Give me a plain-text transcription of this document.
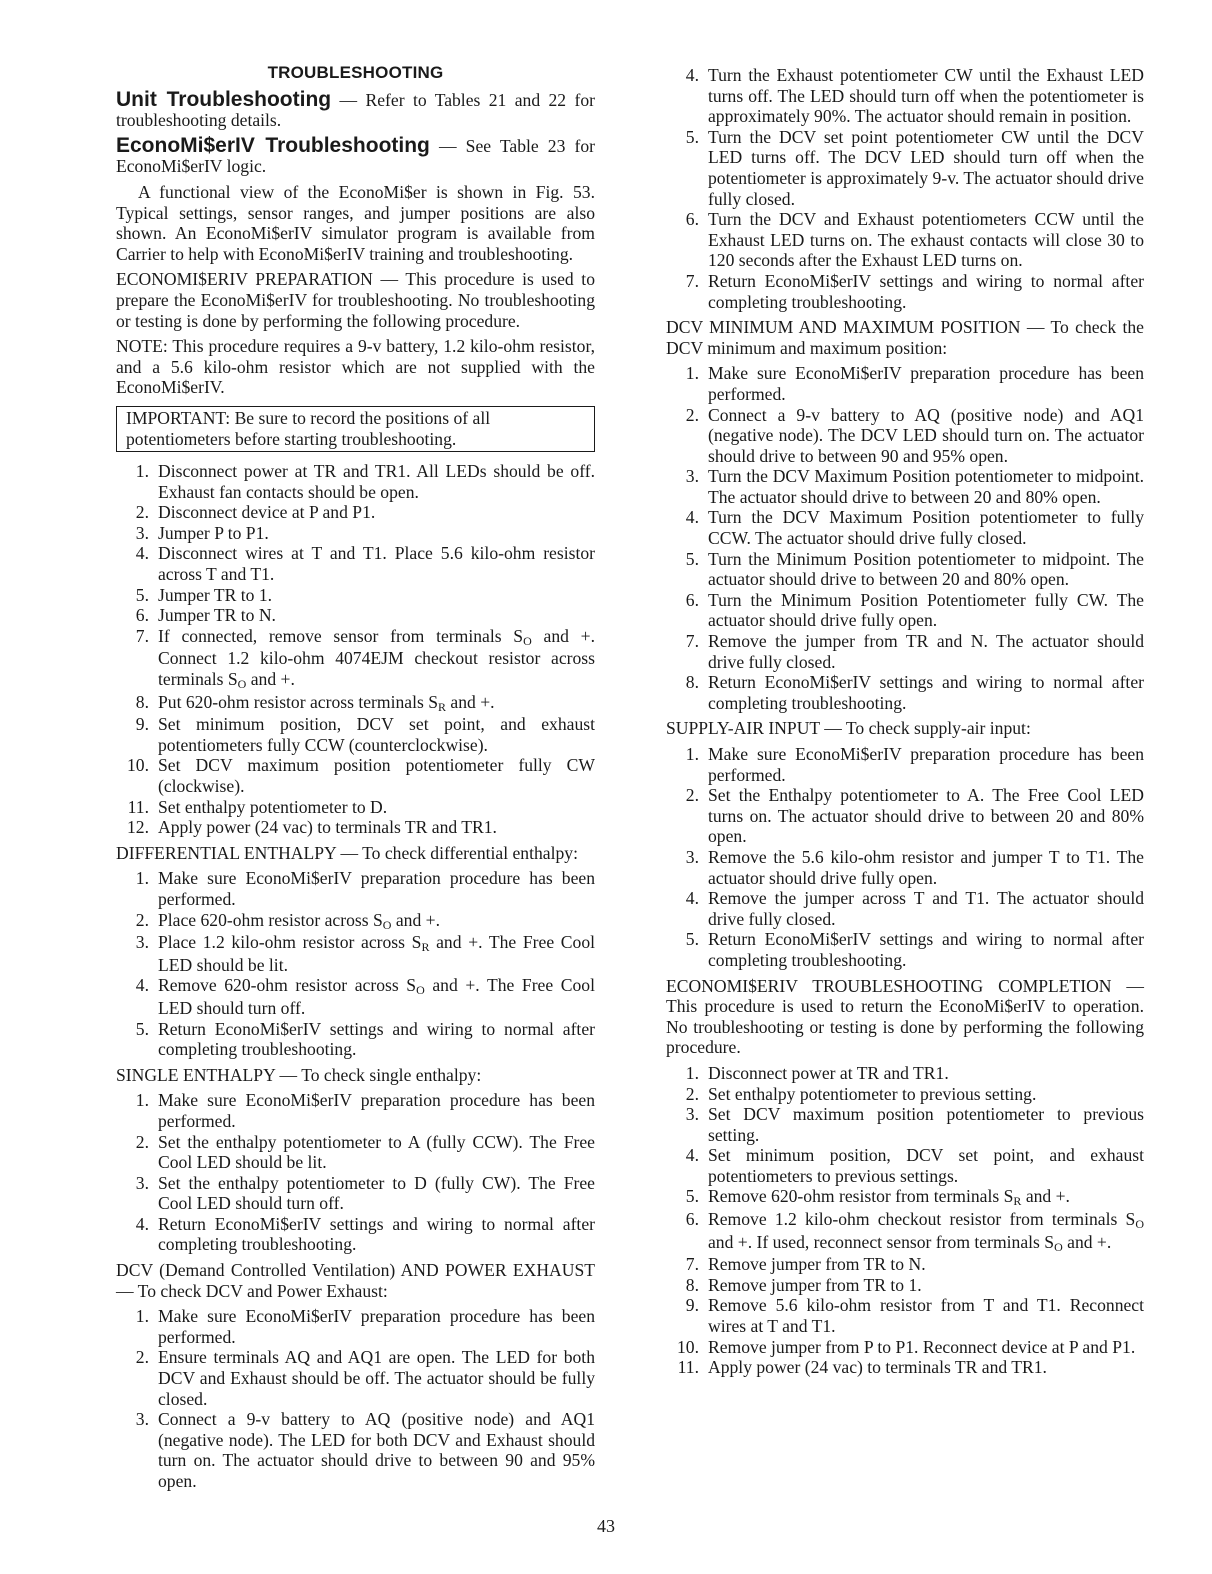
TROUBLESHOOTING

Unit Troubleshooting — Refer to Tables 21 and 22 for troubleshooting details.

EconoMi$erIV Troubleshooting — See Table 23 for EconoMi$erIV logic.

A functional view of the EconoMi$er is shown in Fig. 53. Typical settings, sensor ranges, and jumper positions are also shown. An EconoMi$erIV simulator program is available from Carrier to help with EconoMi$erIV training and troubleshooting.

ECONOMI$ERIV PREPARATION — This procedure is used to prepare the EconoMi$erIV for troubleshooting. No troubleshooting or testing is done by performing the following procedure.

NOTE: This procedure requires a 9-v battery, 1.2 kilo-ohm resistor, and a 5.6 kilo-ohm resistor which are not supplied with the EconoMi$erIV.

IMPORTANT: Be sure to record the positions of all potentiometers before starting troubleshooting.
1. Disconnect power at TR and TR1. All LEDs should be off. Exhaust fan contacts should be open.
2. Disconnect device at P and P1.
3. Jumper P to P1.
4. Disconnect wires at T and T1. Place 5.6 kilo-ohm resistor across T and T1.
5. Jumper TR to 1.
6. Jumper TR to N.
7. If connected, remove sensor from terminals SO and +. Connect 1.2 kilo-ohm 4074EJM checkout resistor across terminals SO and +.
8. Put 620-ohm resistor across terminals SR and +.
9. Set minimum position, DCV set point, and exhaust potentiometers fully CCW (counterclockwise).
10. Set DCV maximum position potentiometer fully CW (clockwise).
11. Set enthalpy potentiometer to D.
12. Apply power (24 vac) to terminals TR and TR1.

DIFFERENTIAL ENTHALPY — To check differential enthalpy:

1. Make sure EconoMi$erIV preparation procedure has been performed.
2. Place 620-ohm resistor across SO and +.
3. Place 1.2 kilo-ohm resistor across SR and +. The Free Cool LED should be lit.
4. Remove 620-ohm resistor across SO and +. The Free Cool LED should turn off.
5. Return EconoMi$erIV settings and wiring to normal after completing troubleshooting.

SINGLE ENTHALPY — To check single enthalpy:

1. Make sure EconoMi$erIV preparation procedure has been performed.
2. Set the enthalpy potentiometer to A (fully CCW). The Free Cool LED should be lit.
3. Set the enthalpy potentiometer to D (fully CW). The Free Cool LED should turn off.
4. Return EconoMi$erIV settings and wiring to normal after completing troubleshooting.

DCV (Demand Controlled Ventilation) AND POWER EXHAUST — To check DCV and Power Exhaust:

1. Make sure EconoMi$erIV preparation procedure has been performed.
2. Ensure terminals AQ and AQ1 are open. The LED for both DCV and Exhaust should be off. The actuator should be fully closed.
3. Connect a 9-v battery to AQ (positive node) and AQ1 (negative node). The LED for both DCV and Exhaust should turn on. The actuator should drive to between 90 and 95% open.
4. Turn the Exhaust potentiometer CW until the Exhaust LED turns off. The LED should turn off when the potentiometer is approximately 90%. The actuator should remain in position.
5. Turn the DCV set point potentiometer CW until the DCV LED turns off. The DCV LED should turn off when the potentiometer is approximately 9-v. The actuator should drive fully closed.
6. Turn the DCV and Exhaust potentiometers CCW until the Exhaust LED turns on. The exhaust contacts will close 30 to 120 seconds after the Exhaust LED turns on.
7. Return EconoMi$erIV settings and wiring to normal after completing troubleshooting.

DCV MINIMUM AND MAXIMUM POSITION — To check the DCV minimum and maximum position:

1. Make sure EconoMi$erIV preparation procedure has been performed.
2. Connect a 9-v battery to AQ (positive node) and AQ1 (negative node). The DCV LED should turn on. The actuator should drive to between 90 and 95% open.
3. Turn the DCV Maximum Position potentiometer to midpoint. The actuator should drive to between 20 and 80% open.
4. Turn the DCV Maximum Position potentiometer to fully CCW. The actuator should drive fully closed.
5. Turn the Minimum Position potentiometer to midpoint. The actuator should drive to between 20 and 80% open.
6. Turn the Minimum Position Potentiometer fully CW. The actuator should drive fully open.
7. Remove the jumper from TR and N. The actuator should drive fully closed.
8. Return EconoMi$erIV settings and wiring to normal after completing troubleshooting.

SUPPLY-AIR INPUT — To check supply-air input:

1. Make sure EconoMi$erIV preparation procedure has been performed.
2. Set the Enthalpy potentiometer to A. The Free Cool LED turns on. The actuator should drive to between 20 and 80% open.
3. Remove the 5.6 kilo-ohm resistor and jumper T to T1. The actuator should drive fully open.
4. Remove the jumper across T and T1. The actuator should drive fully closed.
5. Return EconoMi$erIV settings and wiring to normal after completing troubleshooting.

ECONOMI$ERIV TROUBLESHOOTING COMPLETION — This procedure is used to return the EconoMi$erIV to operation. No troubleshooting or testing is done by performing the following procedure.

1. Disconnect power at TR and TR1.
2. Set enthalpy potentiometer to previous setting.
3. Set DCV maximum position potentiometer to previous setting.
4. Set minimum position, DCV set point, and exhaust potentiometers to previous settings.
5. Remove 620-ohm resistor from terminals SR and +.
6. Remove 1.2 kilo-ohm checkout resistor from terminals SO and +. If used, reconnect sensor from terminals SO and +.
7. Remove jumper from TR to N.
8. Remove jumper from TR to 1.
9. Remove 5.6 kilo-ohm resistor from T and T1. Reconnect wires at T and T1.
10. Remove jumper from P to P1. Reconnect device at P and P1.
11. Apply power (24 vac) to terminals TR and TR1.
43
